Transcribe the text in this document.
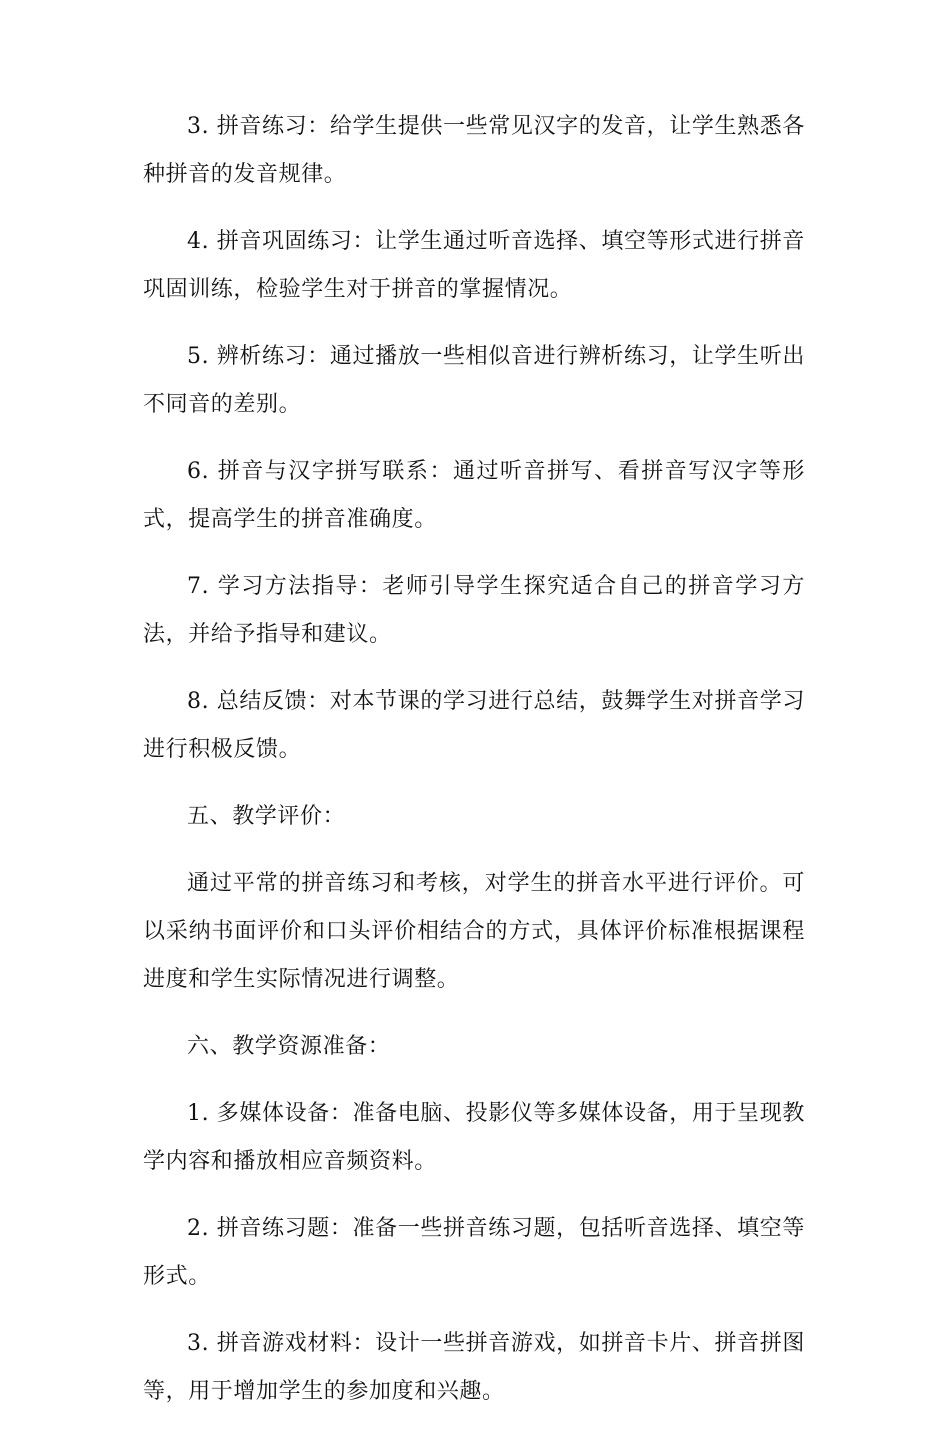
3. 拼音练习：给学生提供一些常见汉字的发音，让学生熟悉各种拼音的发音规律。

4. 拼音巩固练习：让学生通过听音选择、填空等形式进行拼音巩固训练，检验学生对于拼音的掌握情况。

5. 辨析练习：通过播放一些相似音进行辨析练习，让学生听出不同音的差别。

6. 拼音与汉字拼写联系：通过听音拼写、看拼音写汉字等形式，提高学生的拼音准确度。

7. 学习方法指导：老师引导学生探究适合自己的拼音学习方法，并给予指导和建议。

8. 总结反馈：对本节课的学习进行总结，鼓舞学生对拼音学习进行积极反馈。

五、教学评价：

通过平常的拼音练习和考核，对学生的拼音水平进行评价。可以采纳书面评价和口头评价相结合的方式，具体评价标准根据课程进度和学生实际情况进行调整。

六、教学资源准备：

1. 多媒体设备：准备电脑、投影仪等多媒体设备，用于呈现教学内容和播放相应音频资料。

2. 拼音练习题：准备一些拼音练习题，包括听音选择、填空等形式。

3. 拼音游戏材料：设计一些拼音游戏，如拼音卡片、拼音拼图等，用于增加学生的参加度和兴趣。
